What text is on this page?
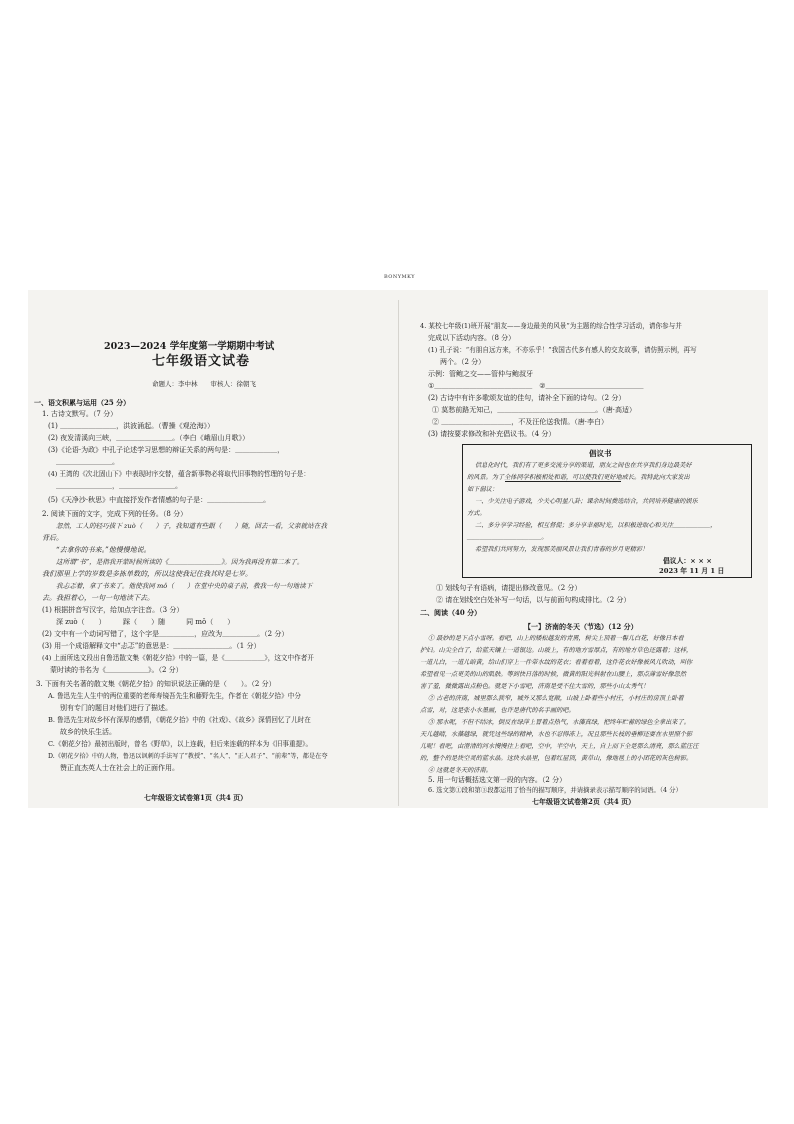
BONYMKY
2023—2024 学年度第一学期期中考试
七年级语文试卷
命题人：李中林　　审核人：徐朝飞
一、语文积累与运用（25 分）
1. 古诗文默写。（7 分）
(1) ＿＿＿＿＿＿＿＿，洪波涌起。（曹操《观沧海》）
(2) 夜发清溪向三峡，＿＿＿＿＿＿＿＿。（李白《峨眉山月歌》）
(3)《论语·为政》中孔子论述学习思想的辩证关系的两句是：＿＿＿＿＿＿，
＿＿＿＿＿＿＿＿。
(4) 王湾的《次北固山下》中表现时序交替，蕴含新事物必将取代旧事物的哲理的句子是：
＿＿＿＿＿＿＿＿，＿＿＿＿＿＿＿＿。
(5)《天净沙·秋思》中直接抒发作者情感的句子是：＿＿＿＿＿＿＿＿。
2. 阅读下面的文字，完成下列的任务。（8 分）
忽然，工人的轻巧拔下 zuò（　　）子，我知道有些跟（　　）随，回去一看，父亲就站在我
背后。
“去拿你的书来。”他慢慢地说。
这所谓“书”，是指我开蒙时候所读的《＿＿＿＿＿＿＿＿》。因为我再没有第二本了。
我们那里上学的岁数是多拣单数的，所以这使我记住我其时是七岁。
我忐忑着，拿了书来了。他使我同 mǒ（　　）在堂中央的桌子前，教我一句一句地读下
去。我担着心，一句一句地读下去。
(1) 根据拼音写汉字，给加点字注音。（3 分）
深 zuò（　　）　　　踩（　　）随　　　同 mǒ（　　）
(2) 文中有一个动词写错了，这个字是＿＿＿＿＿，应改为＿＿＿＿＿。（2 分）
(3) 用一个成语解释文中“忐忑”的意思是：＿＿＿＿＿＿＿＿。（1 分）
(4) 上面所选文段出自鲁迅散文集《朝花夕拾》中的一篇，是《＿＿＿＿＿＿》，这文中作者开
蒙时读的书名为《＿＿＿＿＿＿》。（2 分）
3. 下面有关名著的散文集《朝花夕拾》的知识说法正确的是（　　）。（2 分）
A. 鲁迅先生人生中的两位重要的老师寿镜吾先生和藤野先生，作者在《朝花夕拾》中分
别有专门的题目对他们进行了描述。
B. 鲁迅先生对故乡怀有深厚的感情，《朝花夕拾》中的《社戏》、《故乡》深情回忆了儿时在
故乡的快乐生活。
C.《朝花夕拾》最初出版时，曾名《野草》，以上连载，但后来连载的样本为《旧事重提》。
D.《朝花夕拾》中的人物，鲁迅以讽刺的手法写了“教授”、“名人”、“正人君子”、“前辈”等，都是在夸
赞正直杰英人士在社会上的正面作用。
七年级语文试卷第1页（共4 页）
4. 某校七年级(1)班开展“朋友——身边最美的风景”为主题的综合性学习活动，请你参与并
完成以下活动内容。（8 分）
(1) 孔子说：“有朋自远方来，不亦乐乎！”我国古代多有感人的交友故事，请仿照示例，再写
两个。（2 分）
示例：管鲍之交——管仲与鲍叔牙
①＿＿＿＿＿＿＿＿＿＿＿＿＿＿　②＿＿＿＿＿＿＿＿＿＿＿＿＿＿
(2) 古诗中有许多歌颂友谊的佳句，请补全下面的诗句。（2 分）
① 莫愁前路无知己，＿＿＿＿＿＿＿＿＿＿＿＿＿＿。（唐·高适）
② ＿＿＿＿＿＿＿＿＿＿，不及汪伦送我情。（唐·李白）
(3) 请按要求修改和补充倡议书。（4 分）
倡议书
信息化时代，我们有了更多交流分享的渠道，朋友之间也在共享我们身边最美好
的风景。为了全体同学积极相处和谐，可以使我们更好地成长。我特此向大家发出
如下倡议：
一、少关注电子游戏，少关心明星八卦；课余时间费选结合，共同培养健康的娱乐
方式。
二、多分享学习经验，相互督促；多分享幸福时光，以积极进取心和关注＿＿＿＿＿＿，
＿＿＿＿＿＿＿＿＿＿＿＿。
希望我们共同努力，发现那美丽风景让我们青春的岁月更精彩！
倡议人：× × ×
2023 年 11 月 1 日
① 划线句子有语病，请提出修改意见。（2 分）
② 请在划线空白处补写一句话，以与前面句构成排比。（2 分）
二、阅读（40 分）
【一】济南的冬天（节选）（12 分）
① 最妙的是下点小雪呀。看吧，山上的矮松越发的青黑，树尖上顶着一髻儿白花，好像日本看
护妇。山尖全白了，给蓝天镶上一道银边。山坡上，有的地方雪厚点，有的地方草色还露着；这样，
一道儿白，一道儿暗黄，给山们穿上一件带水纹的花衣；看着看着，这件花衣好像被风儿吹动，叫你
希望看见一点更美的山的肌肤。等到快日落的时候，微黄的阳光斜射在山腰上，那点薄雪好像忽然
害了羞，微微露出点粉色。就是下小雪吧，济南是受不住大雪的，那些小山太秀气！
② 古老的济南，城里那么狭窄，城外又那么宽敞，山坡上卧着些小村庄，小村庄的房顶上卧着
点雪，对，这是张小水墨画，也许是唐代的名手画的吧。
③ 那水呢，不但不结冰，倒反在绿萍上冒着点热气，水藻真绿，把终年贮蓄的绿色全拿出来了。
天儿越晴，水藻越绿，就凭这些绿的精神，水也不忍得冻上，况且那些长枝的垂柳还要在水里照个影
儿呢！看吧，由澄清的河水慢慢往上看吧，空中，半空中，天上，自上而下全是那么清亮，那么蓝汪汪
的，整个的是块空灵的蓝水晶。这块水晶里，包着红屋顶，黄草山，像地毯上的小团花的灰色树影。
④ 这就是冬天的济南。
5. 用一句话概括选文第一段的内容。（2 分）
6. 选文第①段和第③段都运用了恰当的描写顺序，并请摘录表示描写顺序的词语。（4 分）
七年级语文试卷第2页（共4 页）
